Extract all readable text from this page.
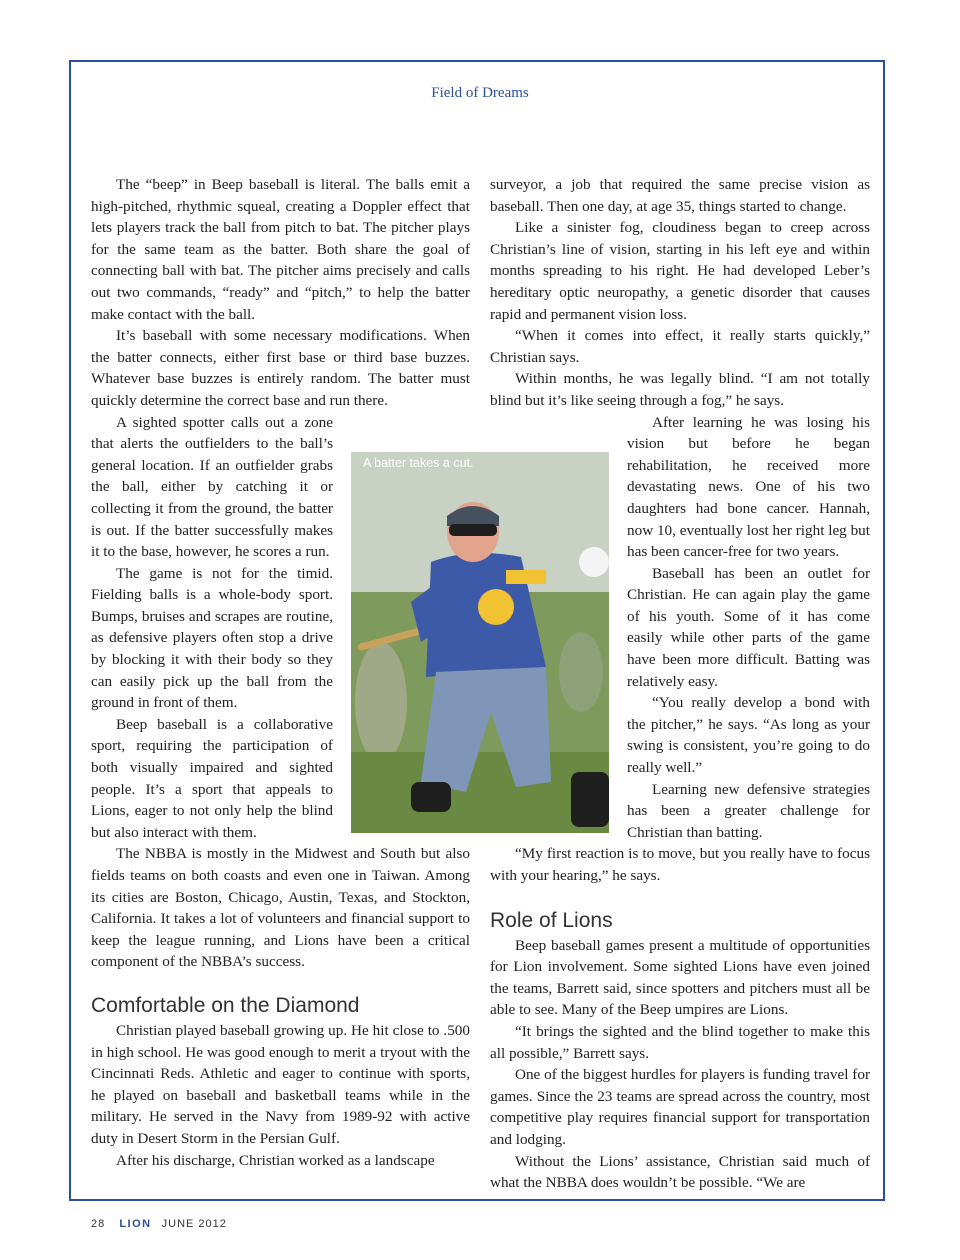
Field of Dreams

The “beep” in Beep baseball is literal. The balls emit a high-pitched, rhythmic squeal, creating a Doppler effect that lets players track the ball from pitch to bat. The pitcher plays for the same team as the batter. Both share the goal of connecting ball with bat. The pitcher aims precisely and calls out two commands, “ready” and “pitch,” to help the batter make contact with the ball.

It’s baseball with some necessary modifications. When the batter connects, either first base or third base buzzes. Whatever base buzzes is entirely random. The batter must quickly determine the correct base and run there.

A sighted spotter calls out a zone that alerts the outfielders to the ball’s general location. If an outfielder grabs the ball, either by catching it or collecting it from the ground, the batter is out. If the batter successfully makes it to the base, however, he scores a run.

The game is not for the timid. Fielding balls is a whole-body sport. Bumps, bruises and scrapes are routine, as defensive players often stop a drive by blocking it with their body so they can easily pick up the ball from the ground in front of them.

Beep baseball is a collaborative sport, requiring the participation of both visually impaired and sighted people. It’s a sport that appeals to Lions, eager to not only help the blind but also interact with them.

The NBBA is mostly in the Midwest and South but also fields teams on both coasts and even one in Taiwan. Among its cities are Boston, Chicago, Austin, Texas, and Stockton, California. It takes a lot of volunteers and financial support to keep the league running, and Lions have been a critical component of the NBBA’s success.

Comfortable on the Diamond

Christian played baseball growing up. He hit close to .500 in high school. He was good enough to merit a tryout with the Cincinnati Reds. Athletic and eager to continue with sports, he played on baseball and basketball teams while in the military. He served in the Navy from 1989-92 with active duty in Desert Storm in the Persian Gulf.

After his discharge, Christian worked as a landscape

surveyor, a job that required the same precise vision as baseball. Then one day, at age 35, things started to change.

Like a sinister fog, cloudiness began to creep across Christian’s line of vision, starting in his left eye and within months spreading to his right. He had developed Leber’s hereditary optic neuropathy, a genetic disorder that causes rapid and permanent vision loss.

“When it comes into effect, it really starts quickly,” Christian says.

Within months, he was legally blind. “I am not totally blind but it’s like seeing through a fog,” he says.

After learning he was losing his vision but before he began rehabilitation, he received more devastating news. One of his two daughters had bone cancer. Hannah, now 10, eventually lost her right leg but has been cancer-free for two years.

Baseball has been an outlet for Christian. He can again play the game of his youth. Some of it has come easily while other parts of the game have been more difficult. Batting was relatively easy.

“You really develop a bond with the pitcher,” he says. “As long as your swing is consistent, you’re going to do really well.”

Learning new defensive strategies has been a greater challenge for Christian than batting.

“My first reaction is to move, but you really have to focus with your hearing,” he says.

Role of Lions

Beep baseball games present a multitude of opportunities for Lion involvement. Some sighted Lions have even joined the teams, Barrett said, since spotters and pitchers must all be able to see. Many of the Beep umpires are Lions.

“It brings the sighted and the blind together to make this all possible,” Barrett says.

One of the biggest hurdles for players is funding travel for games. Since the 23 teams are spread across the country, most competitive play requires financial support for transportation and lodging.

Without the Lions’ assistance, Christian said much of what the NBBA does wouldn’t be possible. “We are

A batter takes a cut.
28 LION JUNE 2012
